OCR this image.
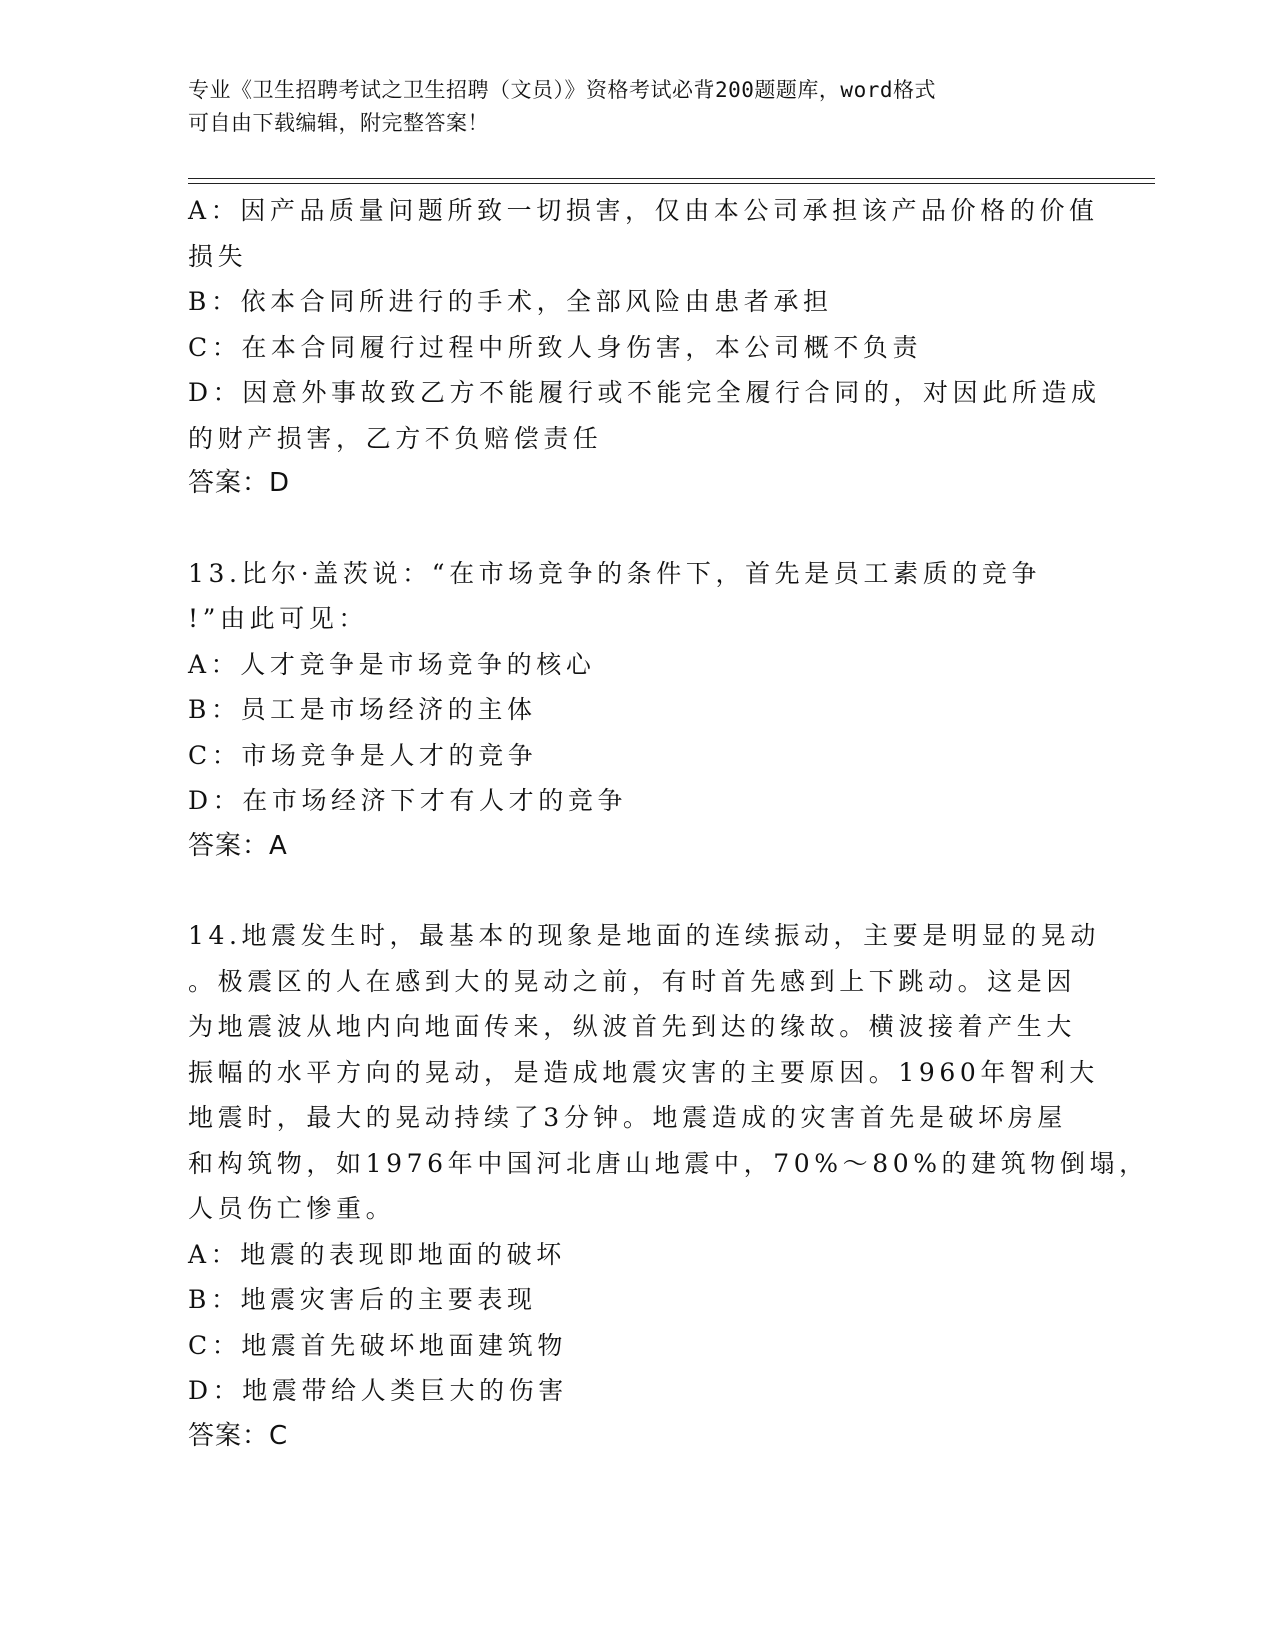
专业《卫生招聘考试之卫生招聘（文员）》资格考试必背200题题库，word格式
可自由下载编辑，附完整答案！
A：因产品质量问题所致一切损害，仅由本公司承担该产品价格的价值
损失
B：依本合同所进行的手术，全部风险由患者承担
C：在本合同履行过程中所致人身伤害，本公司概不负责
D：因意外事故致乙方不能履行或不能完全履行合同的，对因此所造成
的财产损害，乙方不负赔偿责任
答案：D
13.比尔·盖茨说：“在市场竞争的条件下，首先是员工素质的竞争
!”由此可见：
A：人才竞争是市场竞争的核心
B：员工是市场经济的主体
C：市场竞争是人才的竞争
D：在市场经济下才有人才的竞争
答案：A
14.地震发生时，最基本的现象是地面的连续振动，主要是明显的晃动
。极震区的人在感到大的晃动之前，有时首先感到上下跳动。这是因
为地震波从地内向地面传来，纵波首先到达的缘故。横波接着产生大
振幅的水平方向的晃动，是造成地震灾害的主要原因。1960年智利大
地震时，最大的晃动持续了3分钟。地震造成的灾害首先是破坏房屋
和构筑物，如1976年中国河北唐山地震中，70%～80%的建筑物倒塌，
人员伤亡惨重。
A：地震的表现即地面的破坏
B：地震灾害后的主要表现
C：地震首先破坏地面建筑物
D：地震带给人类巨大的伤害
答案：C
